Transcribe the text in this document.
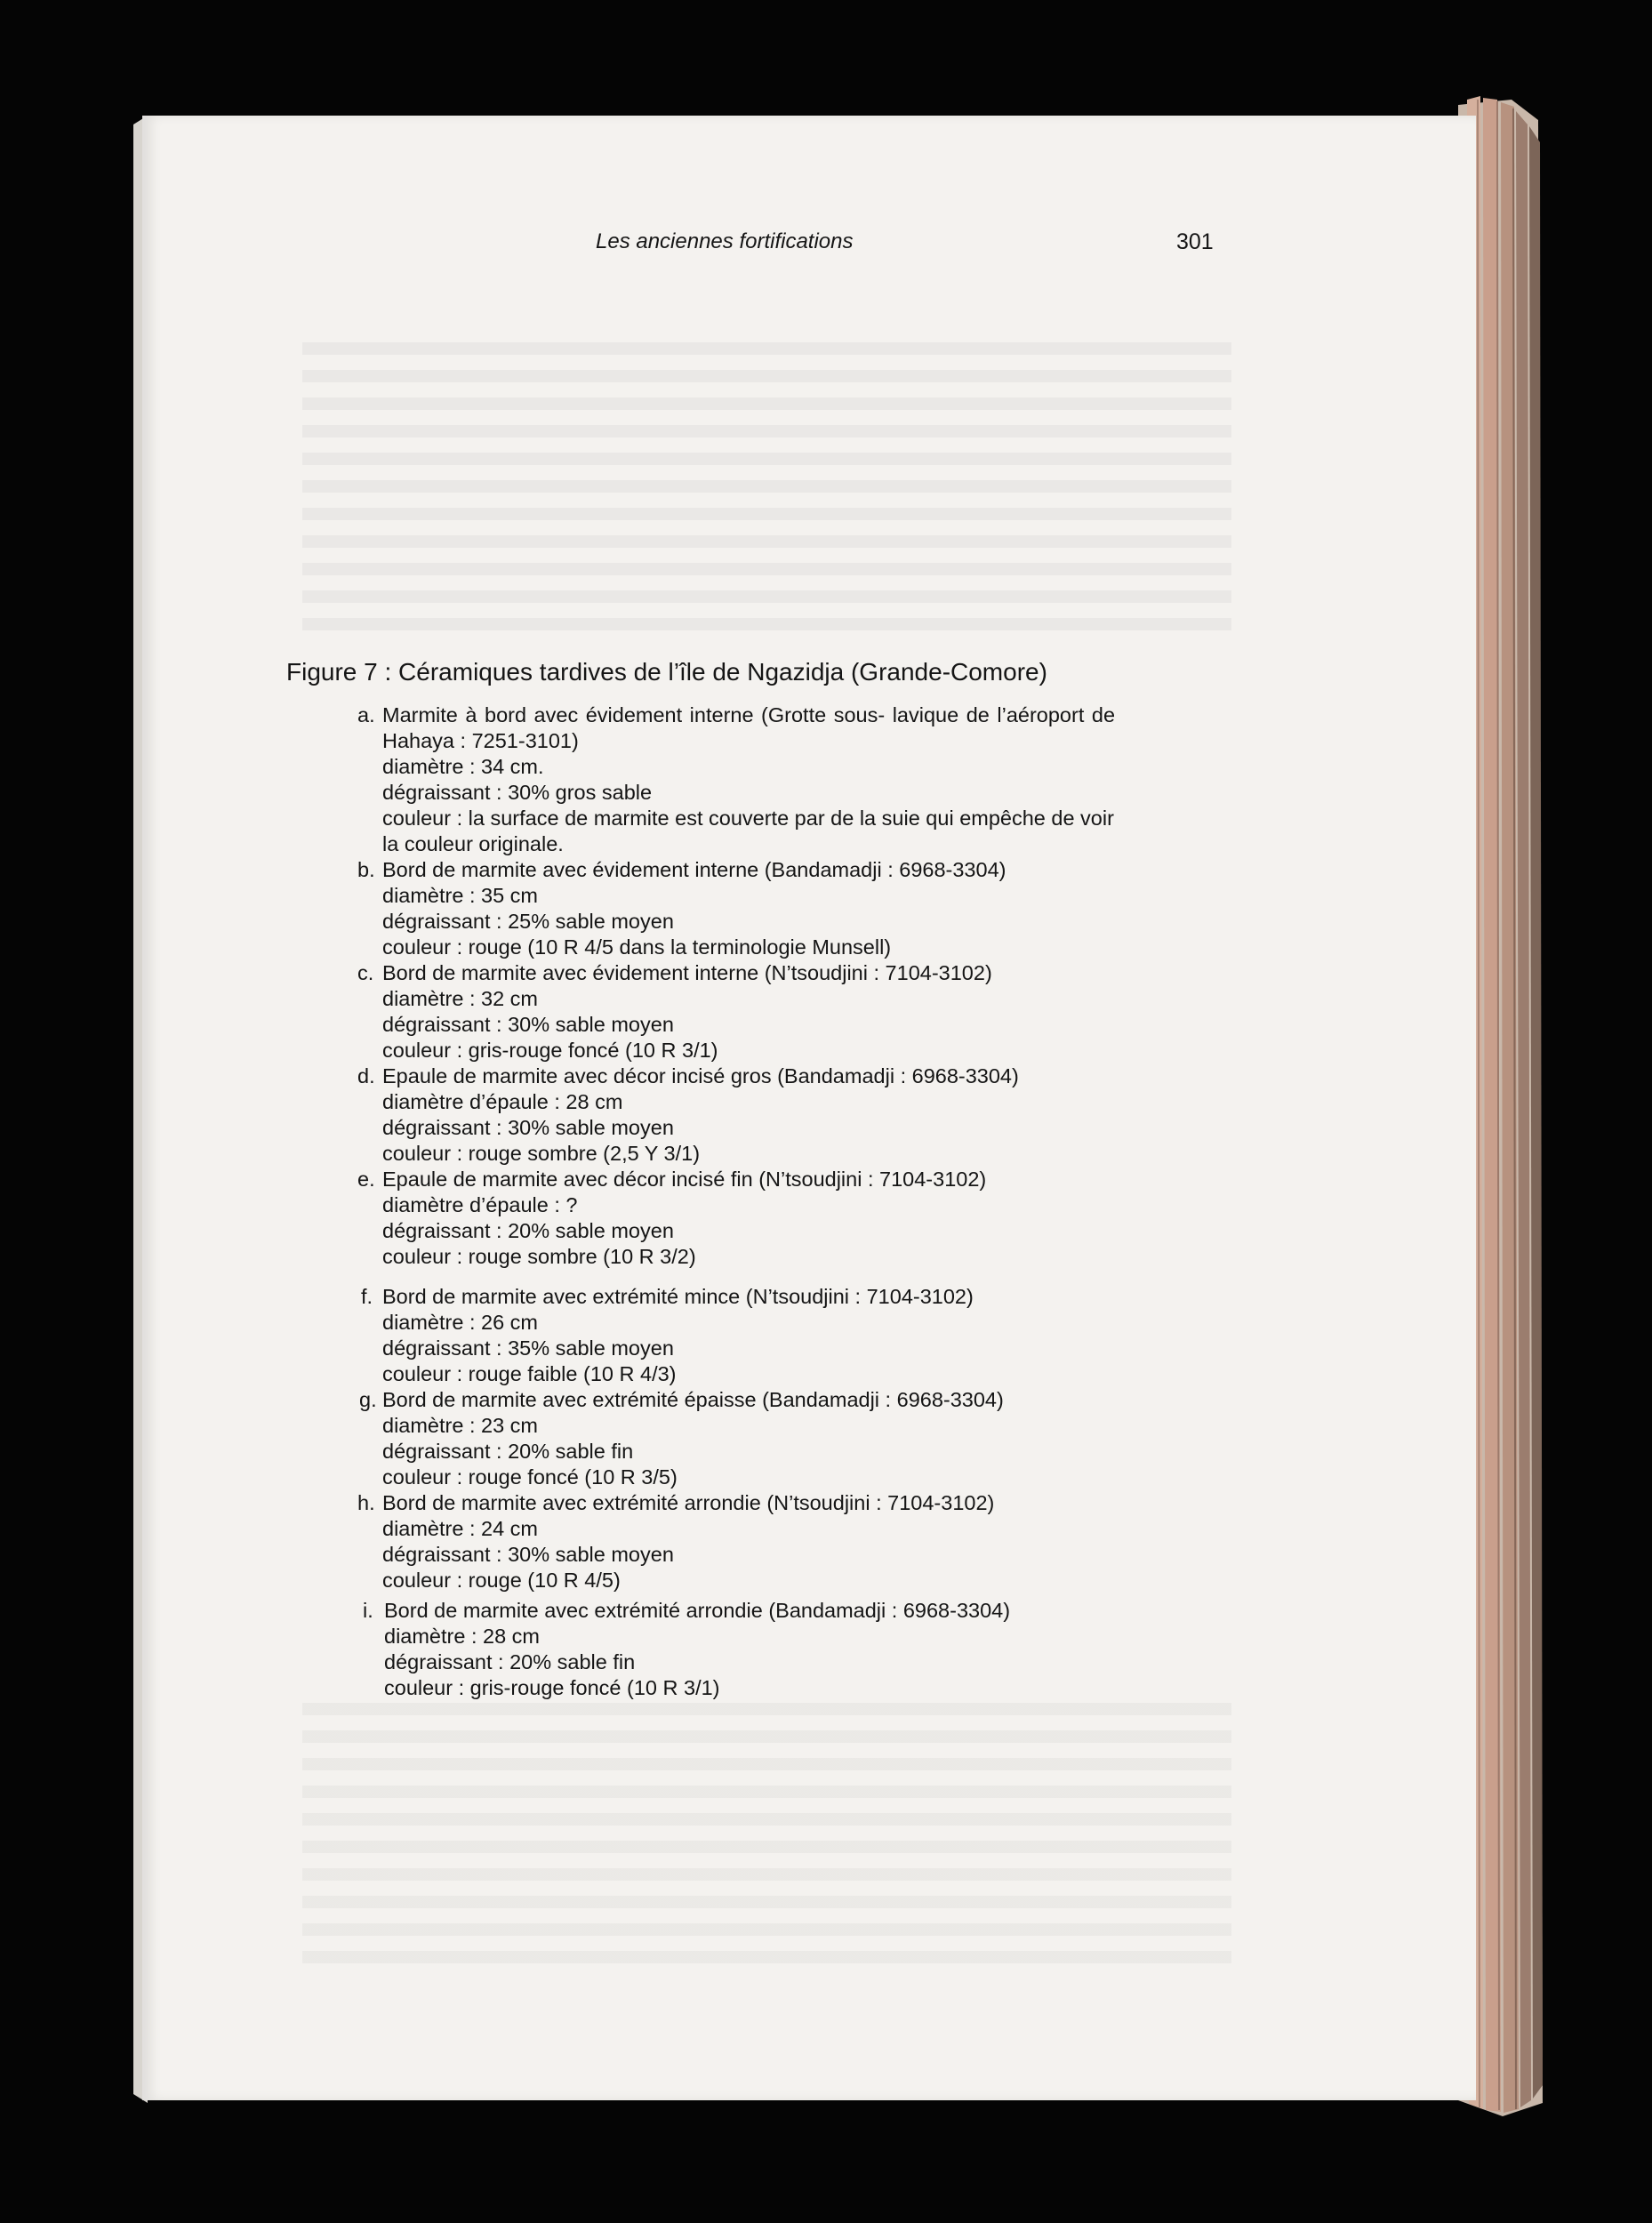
Les anciennes fortifications	301
Figure 7 : Céramiques tardives de l’île de Ngazidja (Grande-Comore)
a. Marmite à bord avec évidement interne (Grotte sous- lavique de l’aéroport de
Hahaya : 7251-3101)
diamètre : 34 cm.
dégraissant : 30% gros sable
couleur : la surface de marmite est couverte par de la suie qui empêche de voir
la couleur originale.
b. Bord de marmite avec évidement interne (Bandamadji : 6968-3304)
diamètre : 35 cm
dégraissant : 25% sable moyen
couleur : rouge (10 R 4/5 dans la terminologie Munsell)
c. Bord de marmite avec évidement interne (N’tsoudjini : 7104-3102)
diamètre : 32 cm
dégraissant : 30% sable moyen
couleur : gris-rouge foncé (10 R 3/1)
d. Epaule de marmite avec décor incisé gros (Bandamadji : 6968-3304)
diamètre d’épaule : 28 cm
dégraissant : 30% sable moyen
couleur : rouge sombre (2,5 Y 3/1)
e. Epaule de marmite avec décor incisé fin (N’tsoudjini : 7104-3102)
diamètre d’épaule : ?
dégraissant : 20% sable moyen
couleur : rouge sombre (10 R 3/2)
f. Bord de marmite avec extrémité mince (N’tsoudjini : 7104-3102)
diamètre : 26 cm
dégraissant : 35% sable moyen
couleur : rouge faible (10 R 4/3)
g. Bord de marmite avec extrémité épaisse (Bandamadji : 6968-3304)
diamètre : 23 cm
dégraissant : 20% sable fin
couleur : rouge foncé (10 R 3/5)
h. Bord de marmite avec extrémité arrondie (N’tsoudjini : 7104-3102)
diamètre : 24 cm
dégraissant : 30% sable moyen
couleur : rouge (10 R 4/5)
i. Bord de marmite avec extrémité arrondie (Bandamadji : 6968-3304)
diamètre : 28 cm
dégraissant : 20% sable fin
couleur : gris-rouge foncé (10 R 3/1)
